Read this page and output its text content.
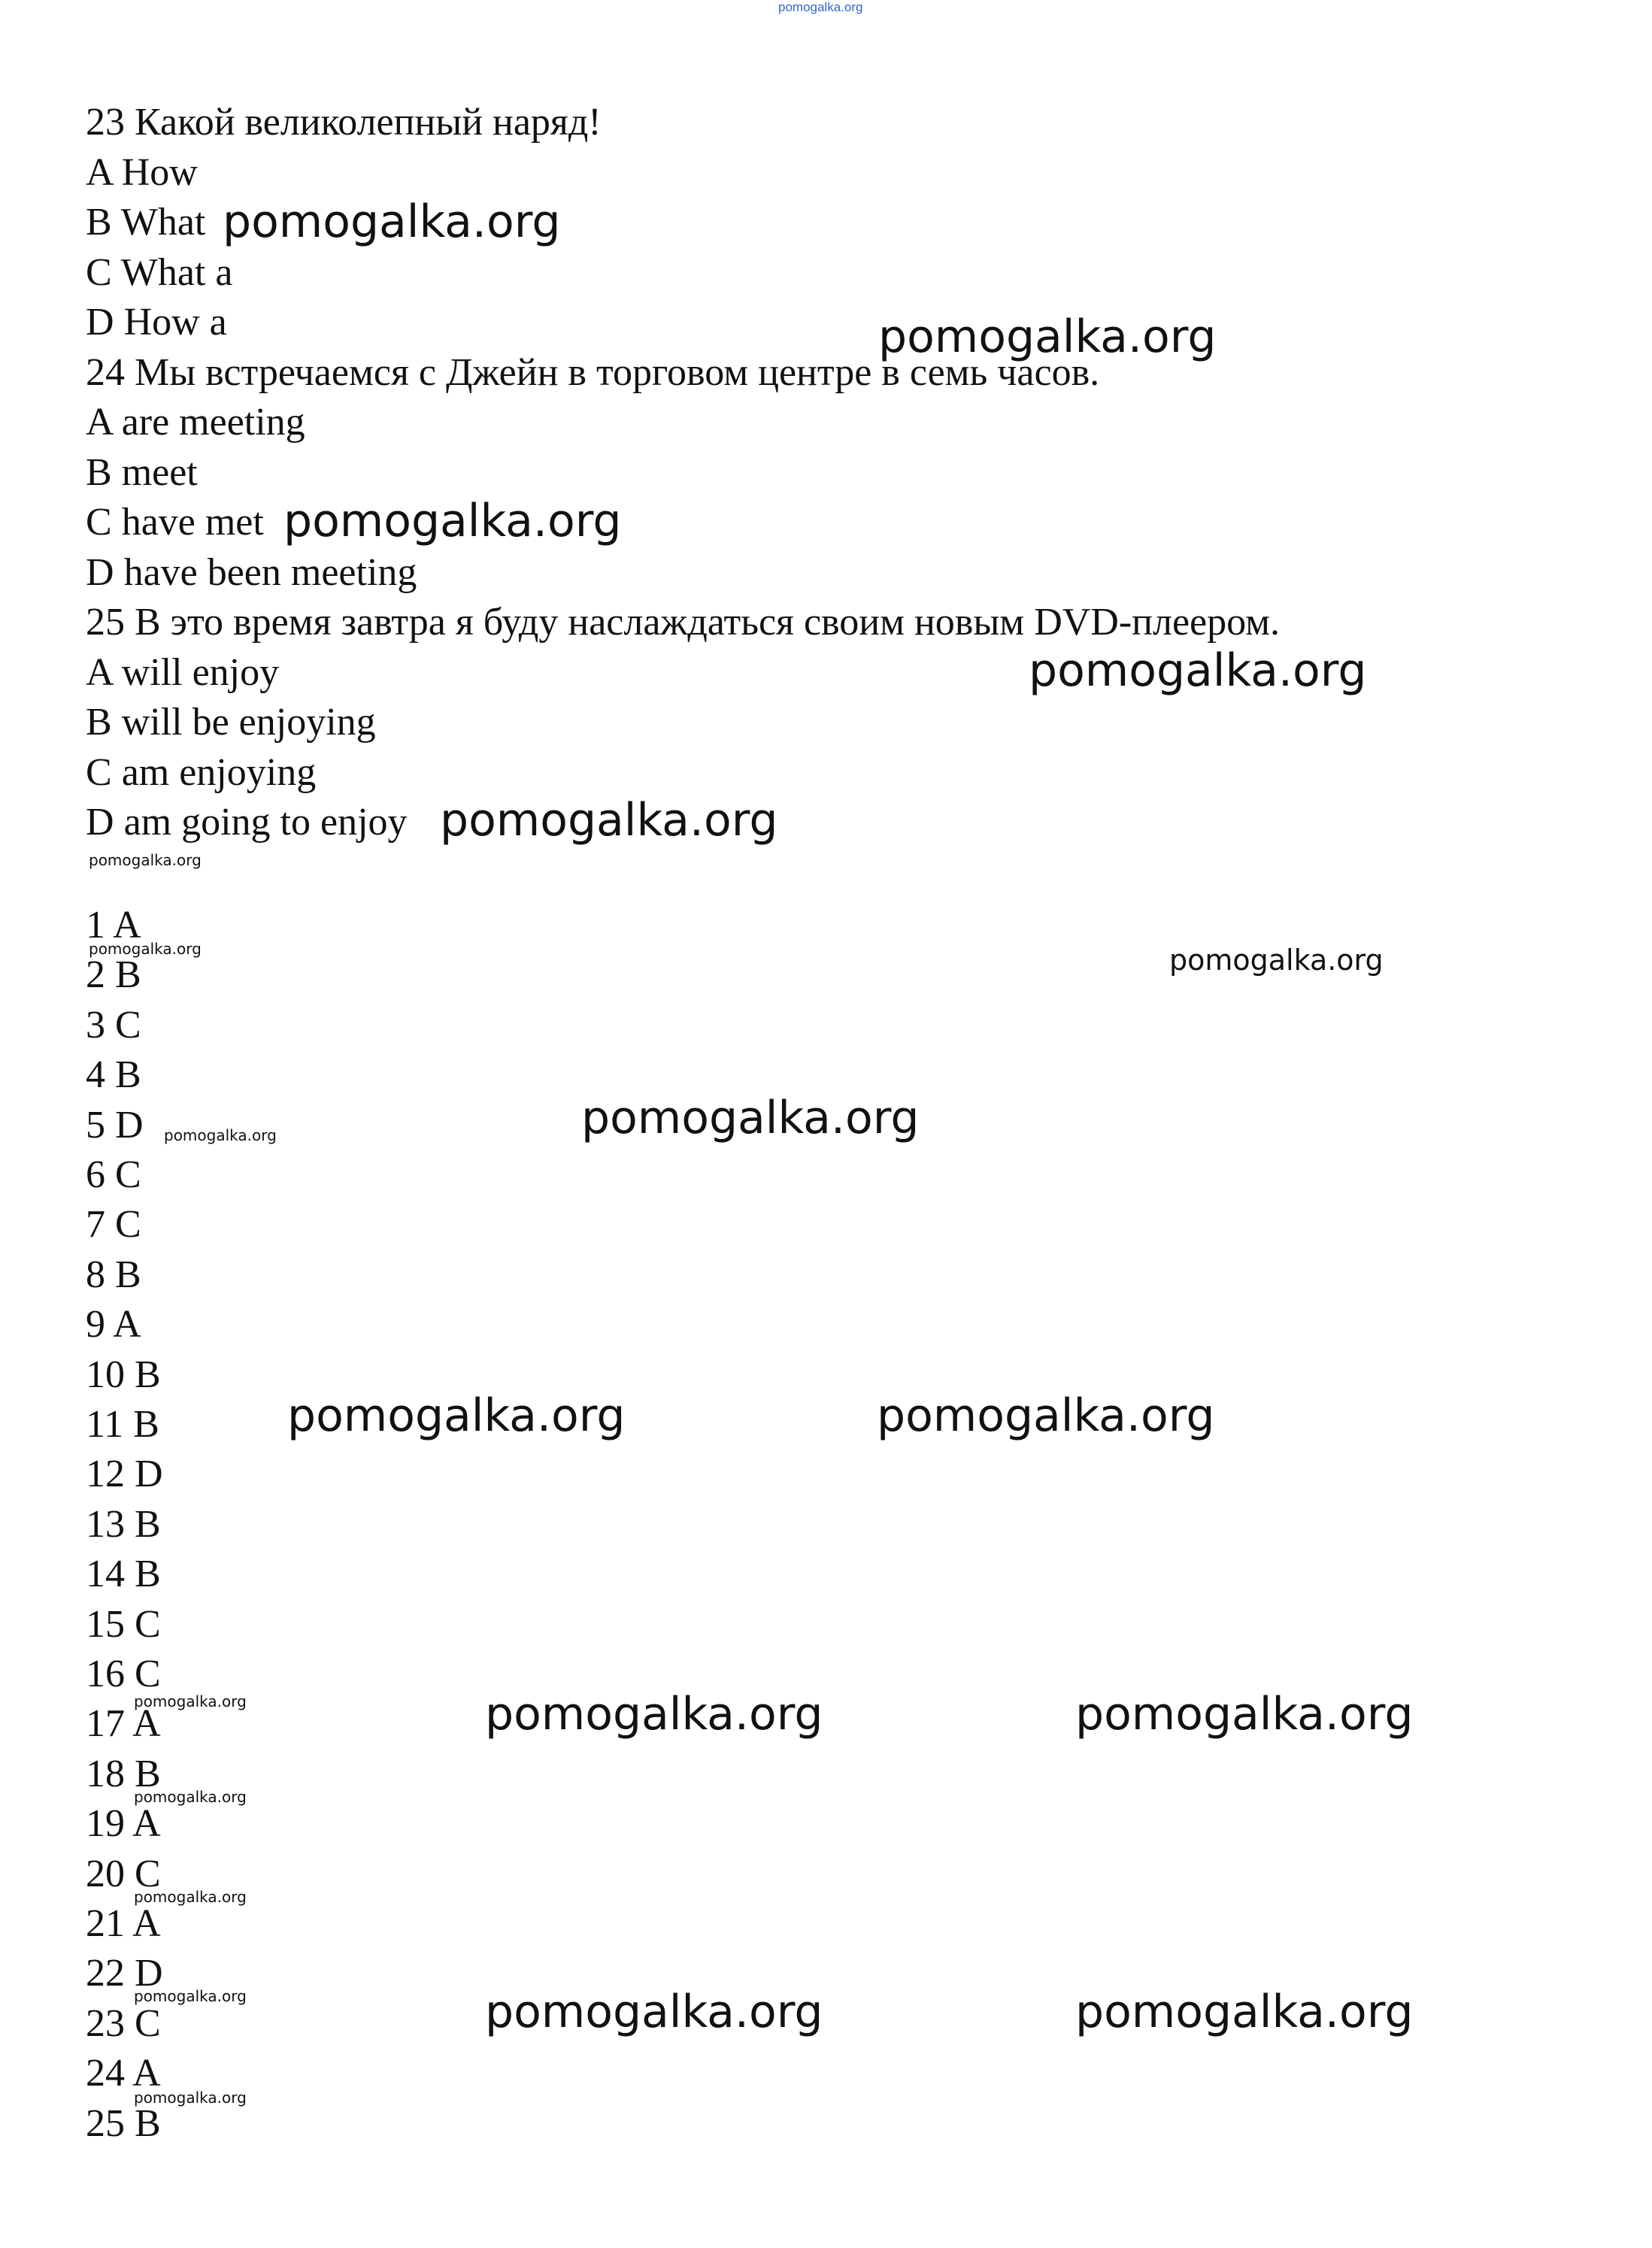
pomogalka.org
23 Какой великолепный наряд!
A How
B What
C What a
D How a
24 Мы встречаемся с Джейн в торговом центре в семь часов.
A are meeting
B meet
C have met
D have been meeting
25 В это время завтра я буду наслаждаться своим новым DVD-плеером.
A will enjoy
B will be enjoying
C am enjoying
D am going to enjoy
1 A
2 B
3 C
4 B
5 D
6 C
7 C
8 B
9 A
10 B
11 B
12 D
13 B
14 B
15 C
16 C
17 A
18 B
19 A
20 C
21 A
22 D
23 C
24 A
25 B
pomogalka.org
pomogalka.org
pomogalka.org
pomogalka.org
pomogalka.org
pomogalka.org
pomogalka.org
pomogalka.org
pomogalka.org	pomogalka.org
pomogalka.org	pomogalka.org
pomogalka.org	pomogalka.org
pomogalka.org
pomogalka.org
pomogalka.org
pomogalka.org
pomogalka.org
pomogalka.org
pomogalka.org
